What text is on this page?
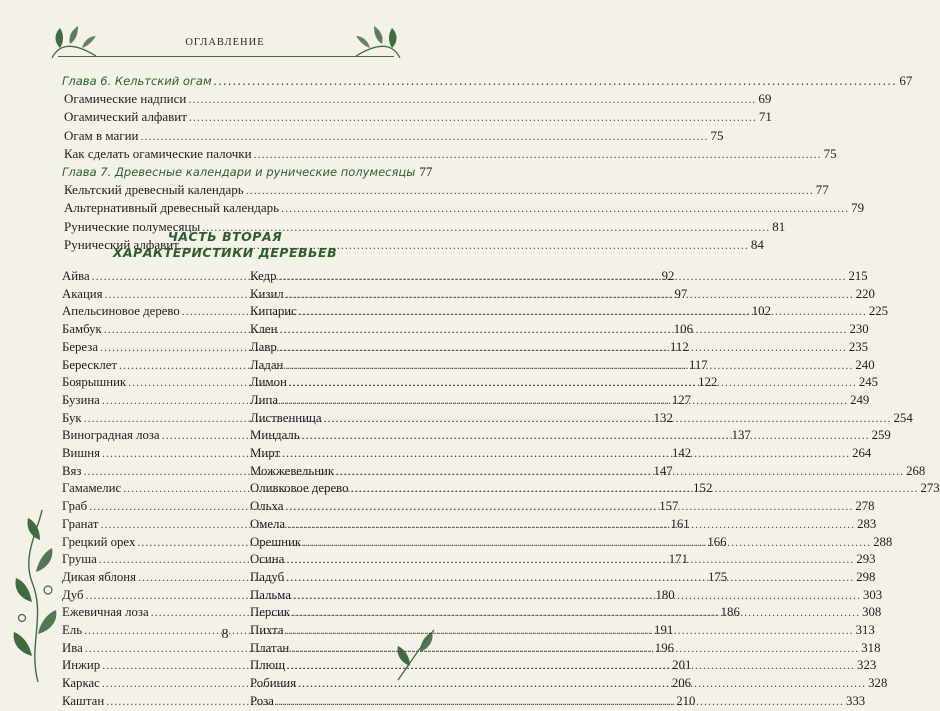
ОГЛАВЛЕНИЕ
Глава 6. Кельтский огам .....	67
Огамические надписи .....	69
Огамический алфавит .....	71
Огам в магии .....	75
Как сделать огамические палочки .....	75
Глава 7. Древесные календари и рунические полумесяцы 77
Кельтский древесный календарь .....	77
Альтернативный древесный календарь .....	79
Рунические полумесяцы .....	81
Рунический алфавит .....	84
ЧАСТЬ ВТОРАЯ
ХАРАКТЕРИСТИКИ ДЕРЕВЬЕВ
Айва .....	92
Акация .....	97
Апельсиновое дерево .....	102
Бамбук .....	106
Береза .....	112
Бересклет .....	117
Боярышник .....	122
Бузина .....	127
Бук .....	132
Виноградная лоза .....	137
Вишня .....	142
Вяз .....	147
Гамамелис .....	152
Граб .....	157
Гранат .....	161
Грецкий орех .....	166
Груша .....	171
Дикая яблоня .....	175
Дуб .....	180
Ежевичная лоза .....	186
Ель .....	191
Ива .....	196
Инжир .....	201
Каркас .....	206
Каштан .....	210
Кедр .....	215
Кизил .....	220
Кипарис .....	225
Клен .....	230
Лавр .....	235
Ладан .....	240
Лимон .....	245
Липа .....	249
Лиственница .....	254
Миндаль .....	259
Мирт .....	264
Можжевельник .....	268
Оливковое дерево .....	273
Ольха .....	278
Омела .....	283
Орешник .....	288
Осина .....	293
Падуб .....	298
Пальма .....	303
Персик .....	308
Пихта .....	313
Платан .....	318
Плющ .....	323
Робиния .....	328
Роза .....	333
8
